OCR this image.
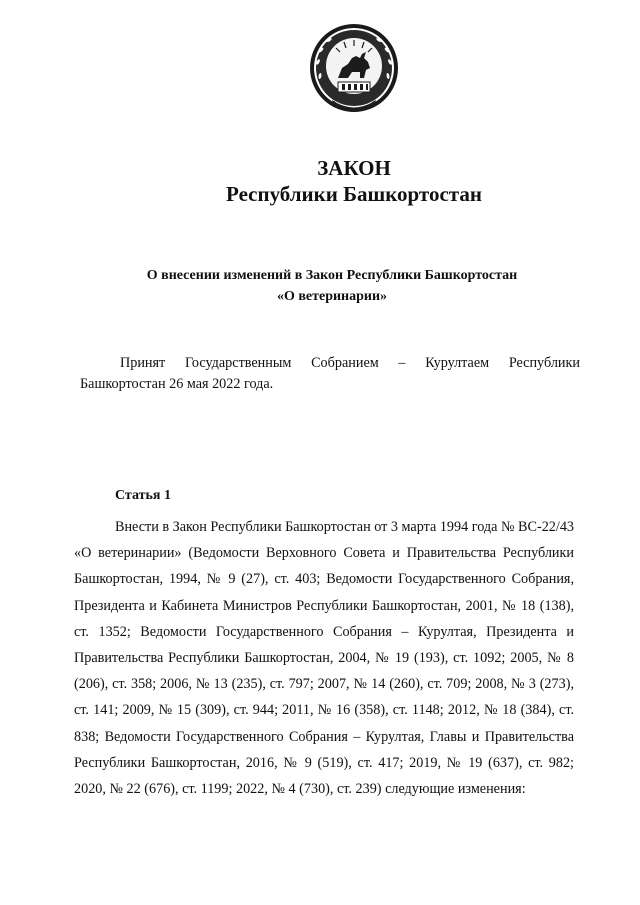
ЗАКОН
Республики Башкортостан
О внесении изменений в Закон Республики Башкортостан
«О ветеринарии»
Принят Государственным Собранием – Курултаем Республики Башкортостан 26 мая 2022 года.
Статья 1
Внести в Закон Республики Башкортостан от 3 марта 1994 года № ВС-22/43 «О ветеринарии» (Ведомости Верховного Совета и Правительства Республики Башкортостан, 1994, № 9 (27), ст. 403; Ведомости Государственного Собрания, Президента и Кабинета Министров Республики Башкортостан, 2001, № 18 (138), ст. 1352; Ведомости Государственного Собрания – Курултая, Президента и Правительства Республики Башкортостан, 2004, № 19 (193), ст. 1092; 2005, № 8 (206), ст. 358; 2006, № 13 (235), ст. 797; 2007, № 14 (260), ст. 709; 2008, № 3 (273), ст. 141; 2009, № 15 (309), ст. 944; 2011, № 16 (358), ст. 1148; 2012, № 18 (384), ст. 838; Ведомости Государственного Собрания – Курултая, Главы и Правительства Республики Башкортостан, 2016, № 9 (519), ст. 417; 2019, № 19 (637), ст. 982; 2020, № 22 (676), ст. 1199; 2022, № 4 (730), ст. 239) следующие изменения:
